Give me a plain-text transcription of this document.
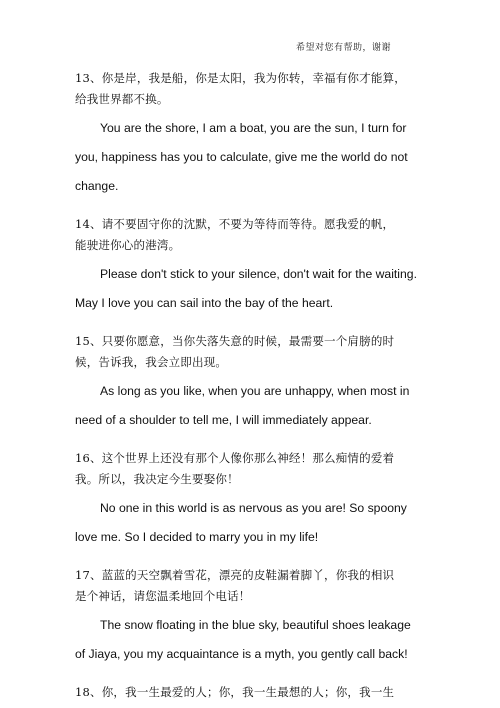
希望对您有帮助，谢谢

13、你是岸，我是船，你是太阳，我为你转，幸福有你才能算，

给我世界都不换。

You are the shore, I am a boat, you are the sun, I turn for

you, happiness has you to calculate, give me the world do not

change.

14、请不要固守你的沈默，不要为等待而等待。愿我爱的帆，

能驶进你心的港湾。

Please don't stick to your silence, don't wait for the waiting.

May I love you can sail into the bay of the heart.

15、只要你愿意，当你失落失意的时候，最需要一个肩膀的时

候，告诉我，我会立即出现。

As long as you like, when you are unhappy, when most in

need of a shoulder to tell me, I will immediately appear.

16、这个世界上还没有那个人像你那么神经！那么痴情的爱着

我。所以，我决定今生要娶你！

No one in this world is as nervous as you are! So spoony

love me. So I decided to marry you in my life!

17、蓝蓝的天空飘着雪花，漂亮的皮鞋漏着脚丫，你我的相识

是个神话，请您温柔地回个电话！

The snow floating in the blue sky, beautiful shoes leakage

of Jiaya, you my acquaintance is a myth, you gently call back!

18、你，我一生最爱的人；你，我一生最想的人；你，我一生
